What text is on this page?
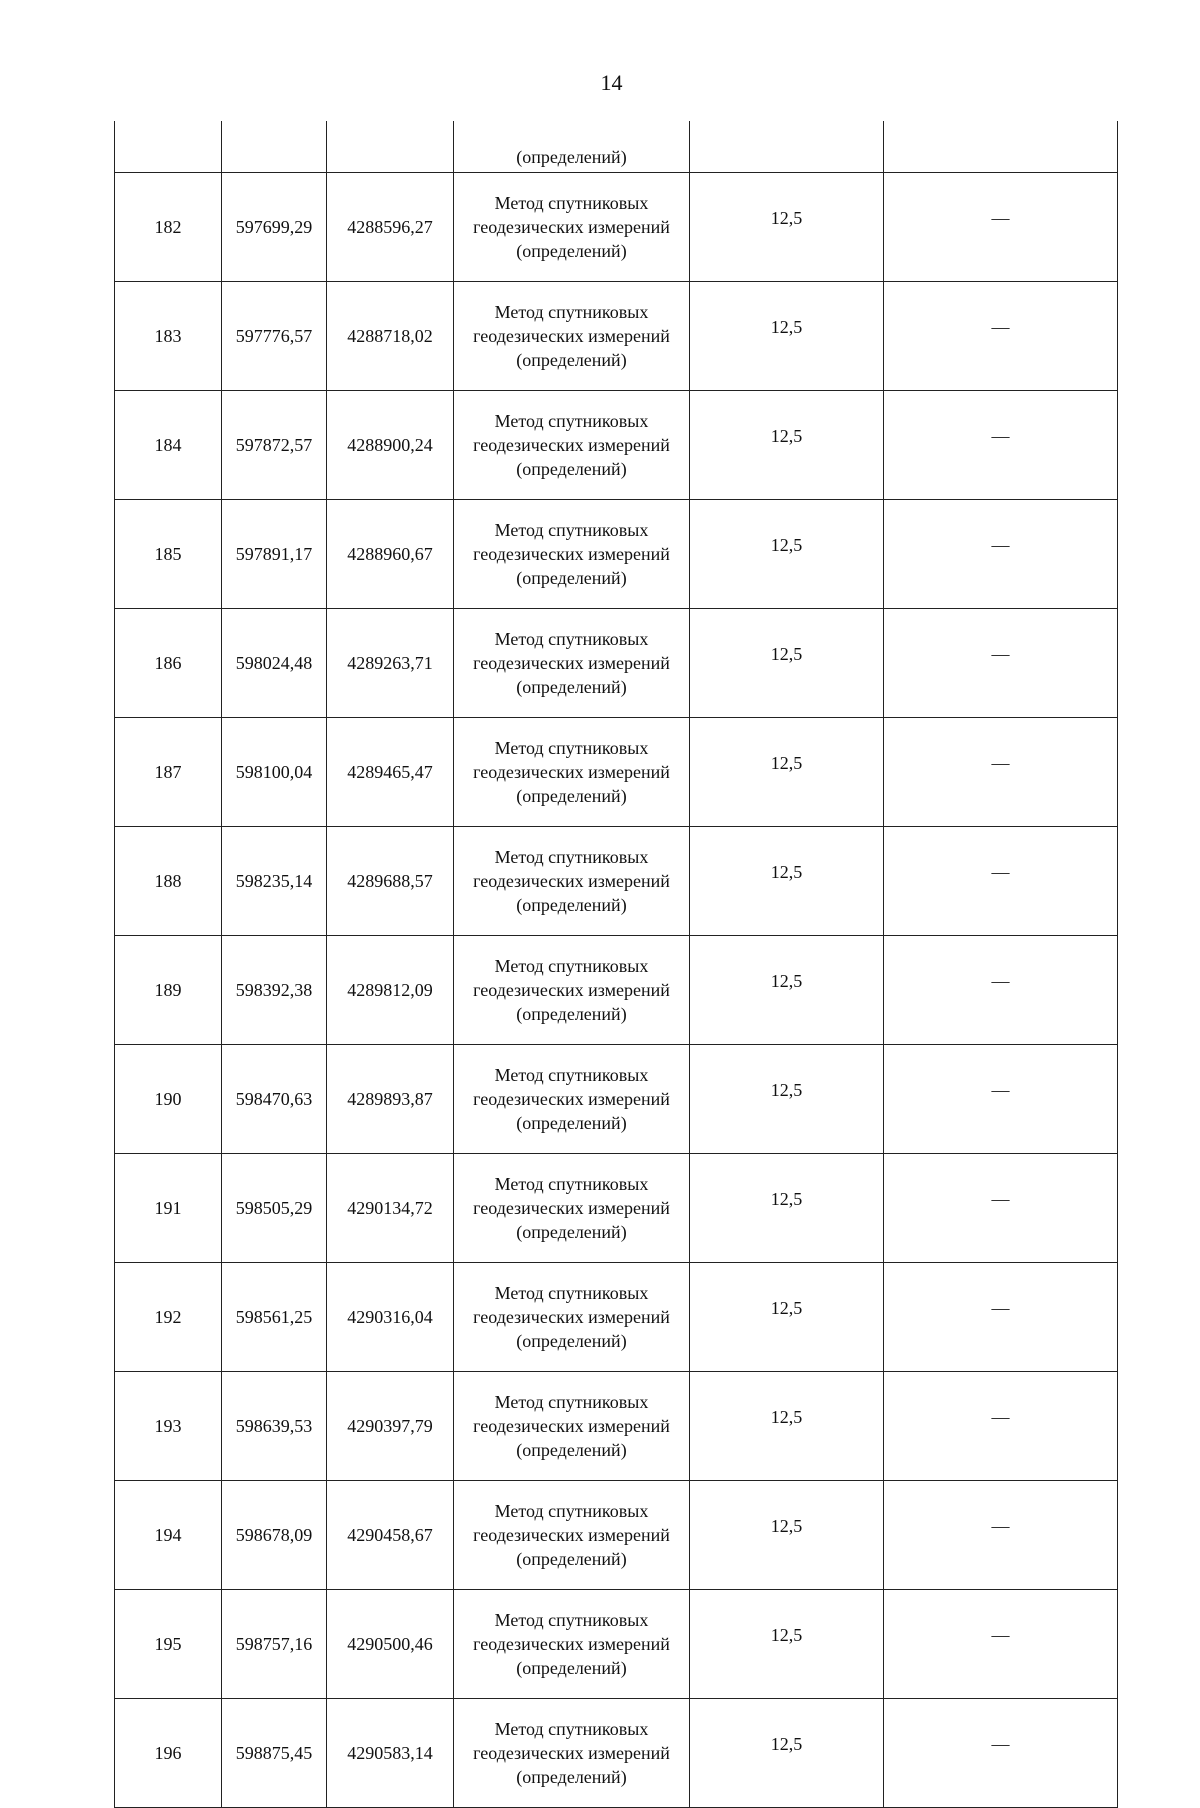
14
			(определений)		
182	597699,29	4288596,27	Метод спутниковых
геодезических измерений
(определений)	12,5	—
183	597776,57	4288718,02	Метод спутниковых
геодезических измерений
(определений)	12,5	—
184	597872,57	4288900,24	Метод спутниковых
геодезических измерений
(определений)	12,5	—
185	597891,17	4288960,67	Метод спутниковых
геодезических измерений
(определений)	12,5	—
186	598024,48	4289263,71	Метод спутниковых
геодезических измерений
(определений)	12,5	—
187	598100,04	4289465,47	Метод спутниковых
геодезических измерений
(определений)	12,5	—
188	598235,14	4289688,57	Метод спутниковых
геодезических измерений
(определений)	12,5	—
189	598392,38	4289812,09	Метод спутниковых
геодезических измерений
(определений)	12,5	—
190	598470,63	4289893,87	Метод спутниковых
геодезических измерений
(определений)	12,5	—
191	598505,29	4290134,72	Метод спутниковых
геодезических измерений
(определений)	12,5	—
192	598561,25	4290316,04	Метод спутниковых
геодезических измерений
(определений)	12,5	—
193	598639,53	4290397,79	Метод спутниковых
геодезических измерений
(определений)	12,5	—
194	598678,09	4290458,67	Метод спутниковых
геодезических измерений
(определений)	12,5	—
195	598757,16	4290500,46	Метод спутниковых
геодезических измерений
(определений)	12,5	—
196	598875,45	4290583,14	Метод спутниковых
геодезических измерений
(определений)	12,5	—
